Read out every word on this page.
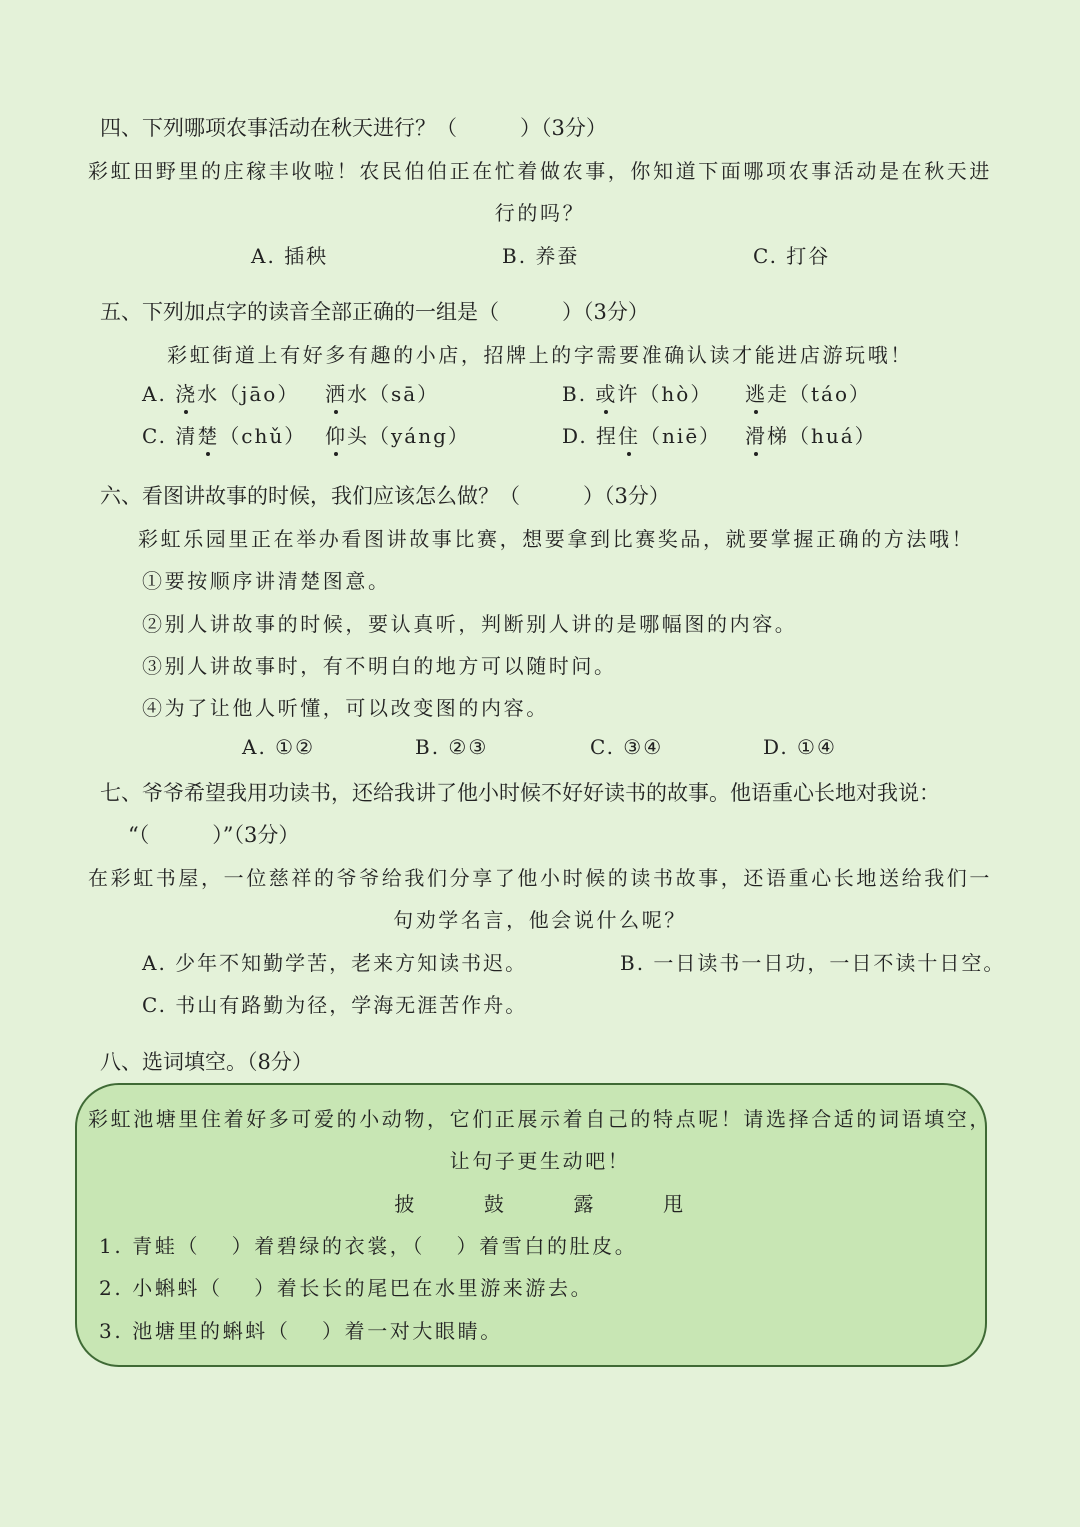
四、下列哪项农事活动在秋天进行？（　　　）（3分）
彩虹田野里的庄稼丰收啦！农民伯伯正在忙着做农事，你知道下面哪项农事活动是在秋天进
行的吗？
A. 插秧	B. 养蚕	C. 打谷
五、下列加点字的读音全部正确的一组是（　　　）（3分）
彩虹街道上有好多有趣的小店，招牌上的字需要准确认读才能进店游玩哦！
A. 浇水（jāo） 洒水（sā）	B. 或许（hò） 逃走（táo）
C. 清楚（chǔ） 仰头（yáng）	D. 捏住（niē） 滑梯（huá）
六、看图讲故事的时候，我们应该怎么做？（　　　）（3分）
彩虹乐园里正在举办看图讲故事比赛，想要拿到比赛奖品，就要掌握正确的方法哦！
①要按顺序讲清楚图意。
②别人讲故事的时候，要认真听，判断别人讲的是哪幅图的内容。
③别人讲故事时，有不明白的地方可以随时问。
④为了让他人听懂，可以改变图的内容。
A. ①②	B. ②③	C. ③④	D. ①④
七、爷爷希望我用功读书，还给我讲了他小时候不好好读书的故事。他语重心长地对我说：
“（　　　）”（3分）
在彩虹书屋，一位慈祥的爷爷给我们分享了他小时候的读书故事，还语重心长地送给我们一
句劝学名言，他会说什么呢？
A. 少年不知勤学苦，老来方知读书迟。	B. 一日读书一日功，一日不读十日空。
C. 书山有路勤为径，学海无涯苦作舟。
八、选词填空。（8分）
彩虹池塘里住着好多可爱的小动物，它们正展示着自己的特点呢！请选择合适的词语填空，
让句子更生动吧！
披	鼓	露	甩
1. 青蛙（　 ）着碧绿的衣裳，（　 ）着雪白的肚皮。
2. 小蝌蚪（　 ）着长长的尾巴在水里游来游去。
3. 池塘里的蝌蚪（　 ）着一对大眼睛。
